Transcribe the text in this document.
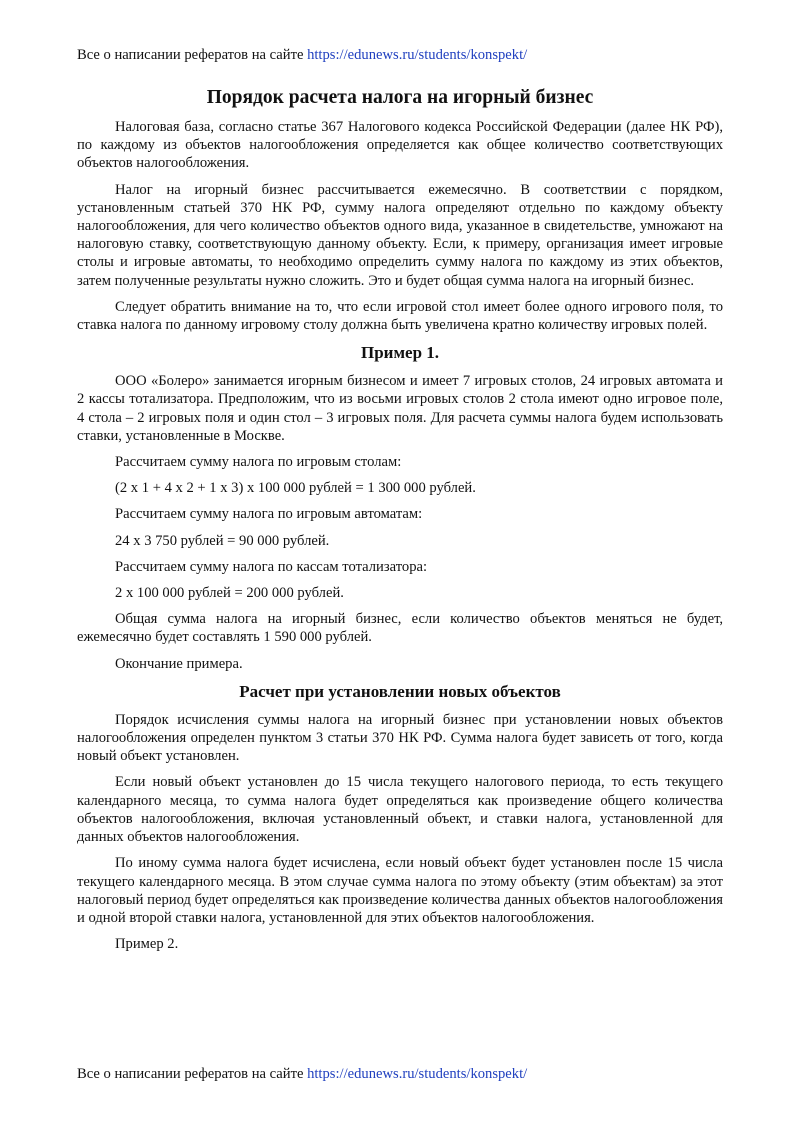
Все о написании рефератов на сайте https://edunews.ru/students/konspekt/

Порядок расчета налога на игорный бизнес

Налоговая база, согласно статье 367 Налогового кодекса Российской Федерации (далее НК РФ), по каждому из объектов налогообложения определяется как общее количество соответствующих объектов налогообложения.

Налог на игорный бизнес рассчитывается ежемесячно. В соответствии с порядком, установленным статьей 370 НК РФ, сумму налога определяют отдельно по каждому объекту налогообложения, для чего количество объектов одного вида, указанное в свидетельстве, умножают на налоговую ставку, соответствующую данному объекту. Если, к примеру, организация имеет игровые столы и игровые автоматы, то необходимо определить сумму налога по каждому из этих объектов, затем полученные результаты нужно сложить. Это и будет общая сумма налога на игорный бизнес.

Следует обратить внимание на то, что если игровой стол имеет более одного игрового поля, то ставка налога по данному игровому столу должна быть увеличена кратно количеству игровых полей.

Пример 1.

ООО «Болеро» занимается игорным бизнесом и имеет 7 игровых столов, 24 игровых автомата и 2 кассы тотализатора. Предположим, что из восьми игровых столов 2 стола имеют одно игровое поле, 4 стола – 2 игровых поля и один стол – 3 игровых поля. Для расчета суммы налога будем использовать ставки, установленные в Москве.

Рассчитаем сумму налога по игровым столам:

(2 х 1 + 4 х 2 + 1 х 3) х 100 000 рублей = 1 300 000 рублей.

Рассчитаем сумму налога по игровым автоматам:

24 х 3 750 рублей = 90 000 рублей.

Рассчитаем сумму налога по кассам тотализатора:

2 х 100 000 рублей = 200 000 рублей.

Общая сумма налога на игорный бизнес, если количество объектов меняться не будет, ежемесячно будет составлять 1 590 000 рублей.

Окончание примера.

Расчет при установлении новых объектов

Порядок исчисления суммы налога на игорный бизнес при установлении новых объектов налогообложения определен пунктом 3 статьи 370 НК РФ. Сумма налога будет зависеть от того, когда новый объект установлен.

Если новый объект установлен до 15 числа текущего налогового периода, то есть текущего календарного месяца, то сумма налога будет определяться как произведение общего количества объектов налогообложения, включая установленный объект, и ставки налога, установленной для данных объектов налогообложения.

По иному сумма налога будет исчислена, если новый объект будет установлен после 15 числа текущего календарного месяца. В этом случае сумма налога по этому объекту (этим объектам) за этот налоговый период будет определяться как произведение количества данных объектов налогообложения и одной второй ставки налога, установленной для этих объектов налогообложения.

Пример 2.

Все о написании рефератов на сайте https://edunews.ru/students/konspekt/
